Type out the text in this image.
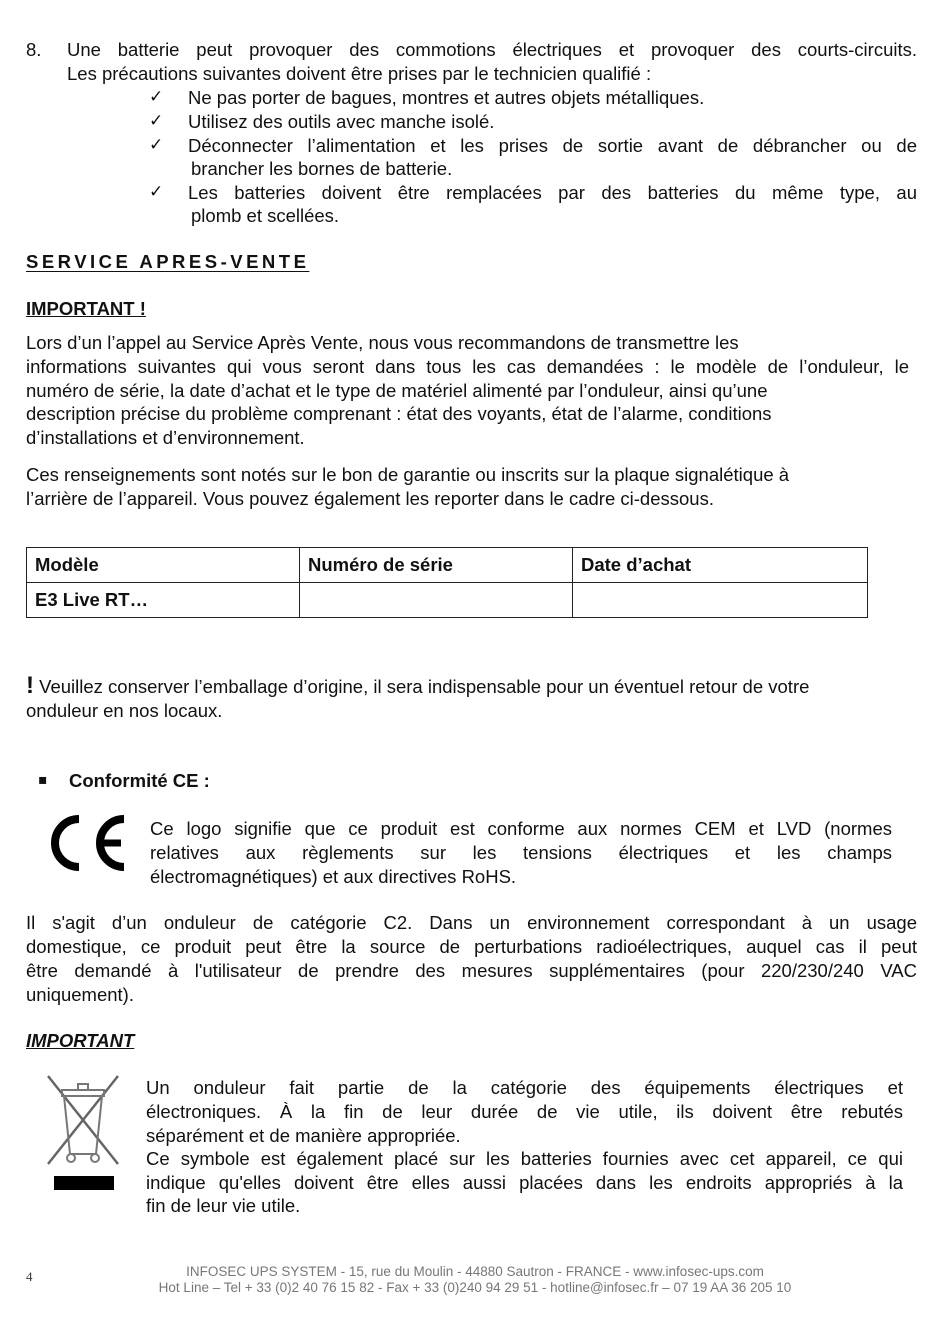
8. Une batterie peut provoquer des commotions électriques et provoquer des courts-circuits.
Les précautions suivantes doivent être prises par le technicien qualifié :
✓ Ne pas porter de bagues, montres et autres objets métalliques.
✓ Utilisez des outils avec manche isolé.
✓ Déconnecter l’alimentation et les prises de sortie avant de débrancher ou de
brancher les bornes de batterie.
✓ Les batteries doivent être remplacées par des batteries du même type, au
plomb et scellées.
SERVICE APRES-VENTE
IMPORTANT !
Lors d’un l’appel au Service Après Vente, nous vous recommandons de transmettre les
informations suivantes qui vous seront dans tous les cas demandées : le modèle de l’onduleur, le
numéro de série, la date d’achat et le type de matériel alimenté par l’onduleur, ainsi qu’une
description précise du problème comprenant : état des voyants, état de l’alarme, conditions
d’installations et d’environnement.
Ces renseignements sont notés sur le bon de garantie ou inscrits sur la plaque signalétique à
l’arrière de l’appareil. Vous pouvez également les reporter dans le cadre ci-dessous.
Modèle	Numéro de série	Date d’achat
E3 Live RT…		
! Veuillez conserver l’emballage d’origine, il sera indispensable pour un éventuel retour de votre
onduleur en nos locaux.
▪ Conformité CE :
Ce logo signifie que ce produit est conforme aux normes CEM et LVD (normes
relatives aux règlements sur les tensions électriques et les champs
électromagnétiques) et aux directives RoHS.
Il s'agit d’un onduleur de catégorie C2. Dans un environnement correspondant à un usage
domestique, ce produit peut être la source de perturbations radioélectriques, auquel cas il peut
être demandé à l'utilisateur de prendre des mesures supplémentaires (pour 220/230/240 VAC
uniquement).
IMPORTANT
Un onduleur fait partie de la catégorie des équipements électriques et
électroniques. À la fin de leur durée de vie utile, ils doivent être rebutés
séparément et de manière appropriée.
Ce symbole est également placé sur les batteries fournies avec cet appareil, ce qui
indique qu'elles doivent être elles aussi placées dans les endroits appropriés à la
fin de leur vie utile.
4	INFOSEC UPS SYSTEM - 15, rue du Moulin - 44880 Sautron - FRANCE - www.infosec-ups.com
Hot Line – Tel + 33 (0)2 40 76 15 82 - Fax + 33 (0)240 94 29 51 - hotline@infosec.fr – 07 19 AA 36 205 10
